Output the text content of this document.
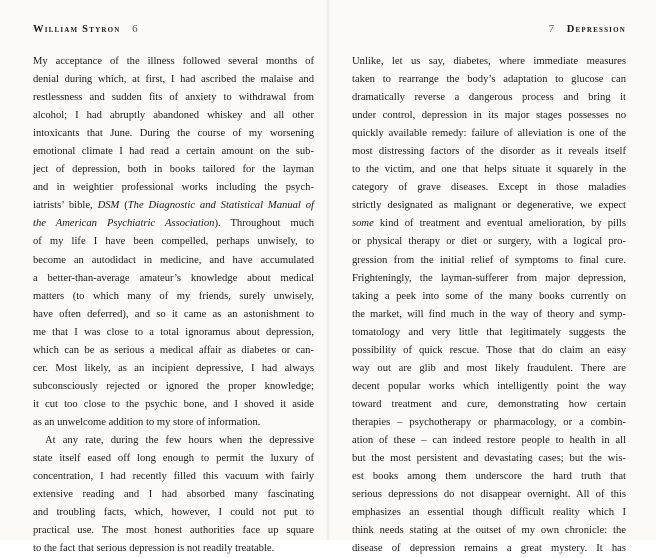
William Styron 6
My acceptance of the illness followed several months of
denial during which, at first, I had ascribed the malaise and
restlessness and sudden fits of anxiety to withdrawal from
alcohol; I had abruptly abandoned whiskey and all other
intoxicants that June. During the course of my worsening
emotional climate I had read a certain amount on the sub-
ject of depression, both in books tailored for the layman
and in weightier professional works including the psych-
iatrists’ bible, DSM (The Diagnostic and Statistical Manual of
the American Psychiatric Association). Throughout much
of my life I have been compelled, perhaps unwisely, to
become an autodidact in medicine, and have accumulated
a better-than-average amateur’s knowledge about medical
matters (to which many of my friends, surely unwisely,
have often deferred), and so it came as an astonishment to
me that I was close to a total ignoramus about depression,
which can be as serious a medical affair as diabetes or can-
cer. Most likely, as an incipient depressive, I had always
subconsciously rejected or ignored the proper knowledge;
it cut too close to the psychic bone, and I shoved it aside
as an unwelcome addition to my store of information.
At any rate, during the few hours when the depressive
state itself eased off long enough to permit the luxury of
concentration, I had recently filled this vacuum with fairly
extensive reading and I had absorbed many fascinating
and troubling facts, which, however, I could not put to
practical use. The most honest authorities face up square
to the fact that serious depression is not readily treatable.
7 Depression
Unlike, let us say, diabetes, where immediate measures
taken to rearrange the body’s adaptation to glucose can
dramatically reverse a dangerous process and bring it
under control, depression in its major stages possesses no
quickly available remedy: failure of alleviation is one of the
most distressing factors of the disorder as it reveals itself
to the victim, and one that helps situate it squarely in the
category of grave diseases. Except in those maladies
strictly designated as malignant or degenerative, we expect
some kind of treatment and eventual amelioration, by pills
or physical therapy or diet or surgery, with a logical pro-
gression from the initial relief of symptoms to final cure.
Frighteningly, the layman-sufferer from major depression,
taking a peek into some of the many books currently on
the market, will find much in the way of theory and symp-
tomatology and very little that legitimately suggests the
possibility of quick rescue. Those that do claim an easy
way out are glib and most likely fraudulent. There are
decent popular works which intelligently point the way
toward treatment and cure, demonstrating how certain
therapies – psychotherapy or pharmacology, or a combin-
ation of these – can indeed restore people to health in all
but the most persistent and devastating cases; but the wis-
est books among them underscore the hard truth that
serious depressions do not disappear overnight. All of this
emphasizes an essential though difficult reality which I
think needs stating at the outset of my own chronicle: the
disease of depression remains a great mystery. It has
